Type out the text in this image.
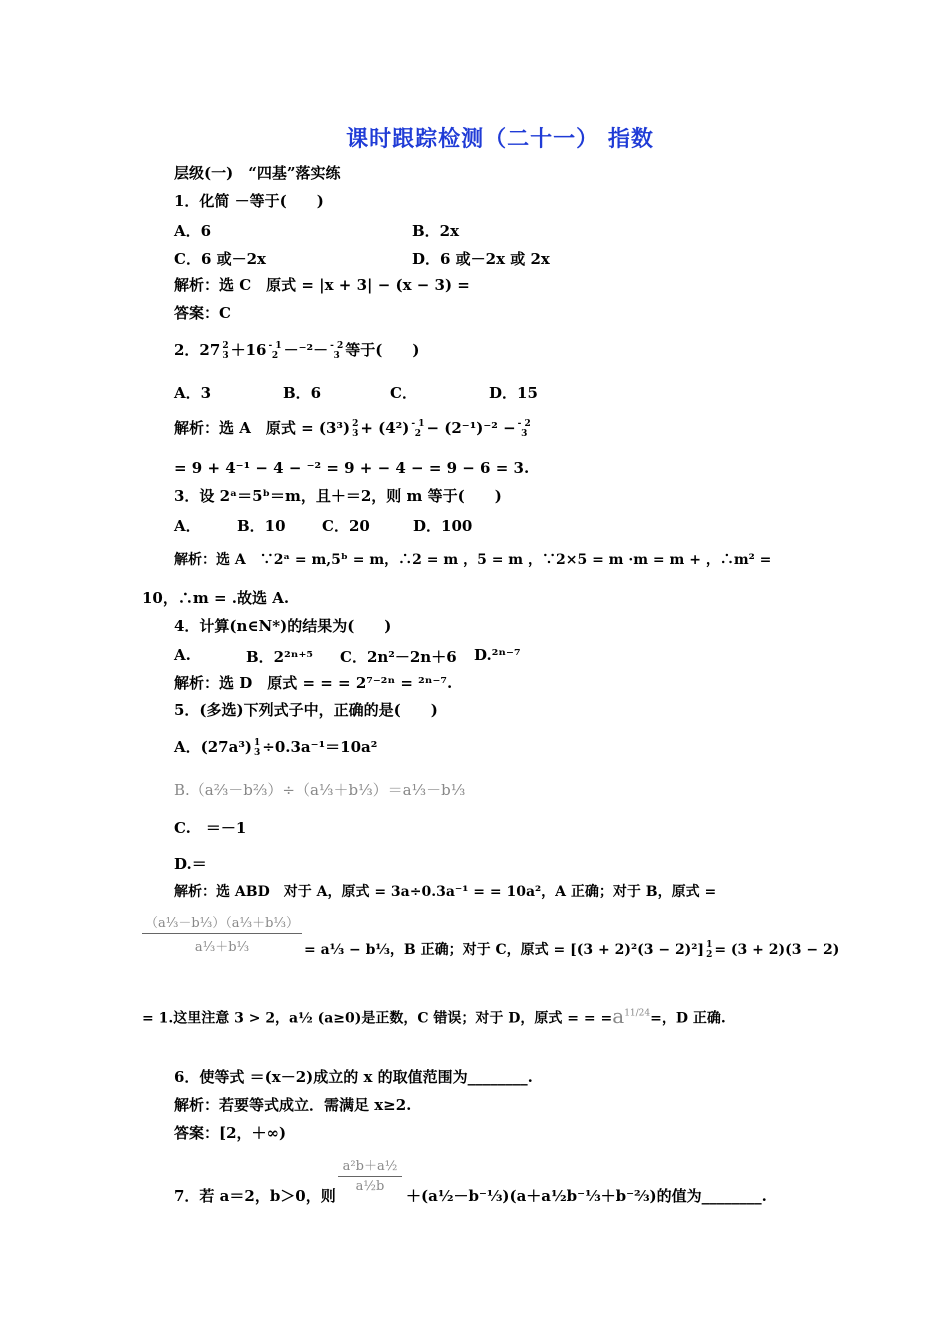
课时跟踪检测（二十一） 指数
层级(一)　“四基”落实练
1．化简 －等于(　　)
A．6	B．2x
C．6 或－2x	D．6 或－2x 或 2x
解析：选 C　原式 = |x + 3| − (x − 3) =
答案：C
2．27 2
3 ＋16 - 1
2 －⁻²－ - 2
3 等于(　　)
A．3	B．6	C．	D．15
解析：选 A　原式 = (3³) 2
3 + (4²) - 1
2 − (2⁻¹)⁻² − - 2
3
= 9 + 4⁻¹ − 4 − ⁻² = 9 + − 4 − = 9 − 6 = 3.
3．设 2ᵃ＝5ᵇ＝m，且＋＝2，则 m 等于(　　)
A． B．10 C．20	D．100
解析：选 A　∵2ᵃ = m,5ᵇ = m，∴2 = m ，5 = m ，∵2×5 = m ·m = m + ，∴m² =
10，∴m = .故选 A.
4．计算(n∈N*)的结果为(　　)
A.	B．2²ⁿ⁺⁵ C．2n²－2n＋6 D.²ⁿ⁻⁷
解析：选 D　原式 = = = 2⁷⁻²ⁿ = ²ⁿ⁻⁷.
5．(多选)下列式子中，正确的是(　　)
A．(27a³) 1
3 ÷0.3a⁻¹＝10a²
B.（a⅔－b⅔）÷（a⅓＋b⅓）＝a⅓－b⅓
C.　＝－1
D.＝
解析：选 ABD　对于 A，原式 = 3a÷0.3a⁻¹ = = 10a²，A 正确；对于 B，原式 =
（a⅓－b⅓）（a⅓＋b⅓）
a⅓＋b⅓	= a⅓ − b⅓，B 正确；对于 C，原式 = [(3 + 2)²(3 − 2)²] 1
2 = (3 + 2)(3 − 2)
= 1.这里注意 3 > 2，a½ (a≥0)是正数，C 错误；对于 D，原式 = = $=a^{11/24}=$，D 正确.
6．使等式 ＝(x－2)成立的 x 的取值范围为________.
解析：若要等式成立．需满足 x≥2.
答案：[2，＋∞)
7．若 a＝2，b＞0，则
a²b＋a½
a½b
＋(a½－b⁻⅓)(a＋a½b⁻⅓＋b⁻⅔)的值为________.
